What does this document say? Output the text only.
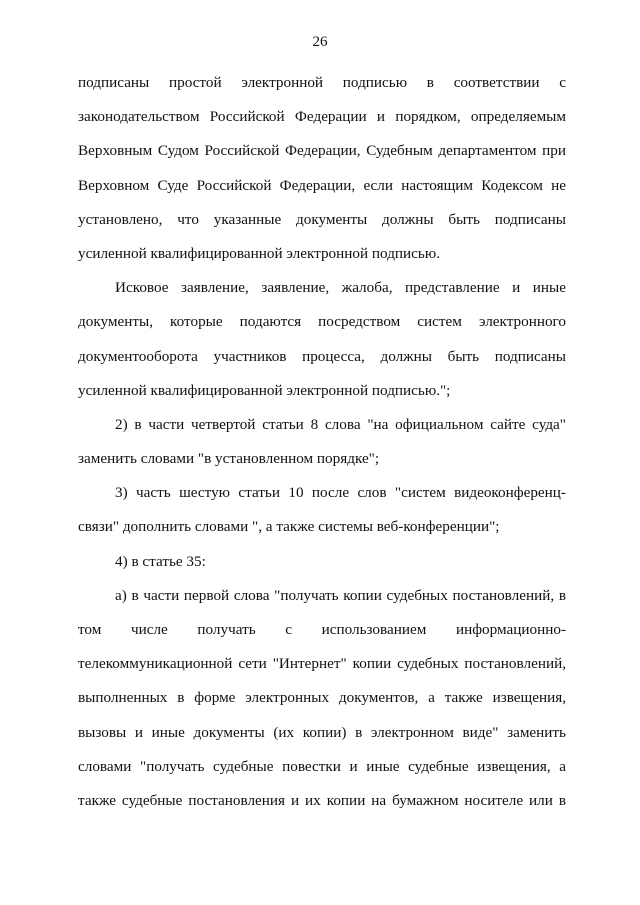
26
подписаны простой электронной подписью в соответствии с
законодательством Российской Федерации и порядком, определяемым
Верховным Судом Российской Федерации, Судебным департаментом при
Верховном Суде Российской Федерации, если настоящим Кодексом не
установлено, что указанные документы должны быть подписаны
усиленной квалифицированной электронной подписью.
Исковое заявление, заявление, жалоба, представление и иные
документы, которые подаются посредством систем электронного
документооборота участников процесса, должны быть подписаны
усиленной квалифицированной электронной подписью.";
2) в части четвертой статьи 8 слова "на официальном сайте суда"
заменить словами "в установленном порядке";
3) часть шестую статьи 10 после слов "систем видеоконференц-
связи" дополнить словами ", а также системы веб-конференции";
4) в статье 35:
а) в части первой слова "получать копии судебных постановлений, в
том числе получать с использованием информационно-
телекоммуникационной сети "Интернет" копии судебных постановлений,
выполненных в форме электронных документов, а также извещения,
вызовы и иные документы (их копии) в электронном виде" заменить
словами "получать судебные повестки и иные судебные извещения, а
также судебные постановления и их копии на бумажном носителе или в
